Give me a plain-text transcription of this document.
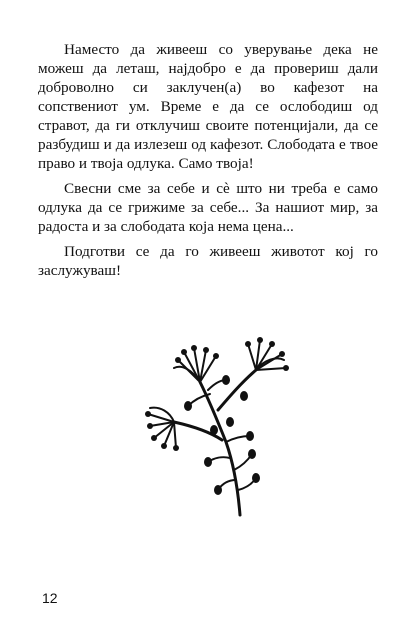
Наместо да живееш со уверување дека не можеш да леташ, најдобро е да провериш дали доброволно си заклучен(а) во кафезот на сопствениот ум. Време е да се ослободиш од стравот, да ги отклучиш своите потенцијали, да се разбудиш и да излезеш од кафезот. Слободата е твое право и твоја одлука. Само твоја!

Свесни сме за себе и сè што ни треба е само одлука да се грижиме за себе... За нашиот мир, за радоста и за слободата која нема цена...

Подготви се да го живееш животот кој го заслужуваш!

12
